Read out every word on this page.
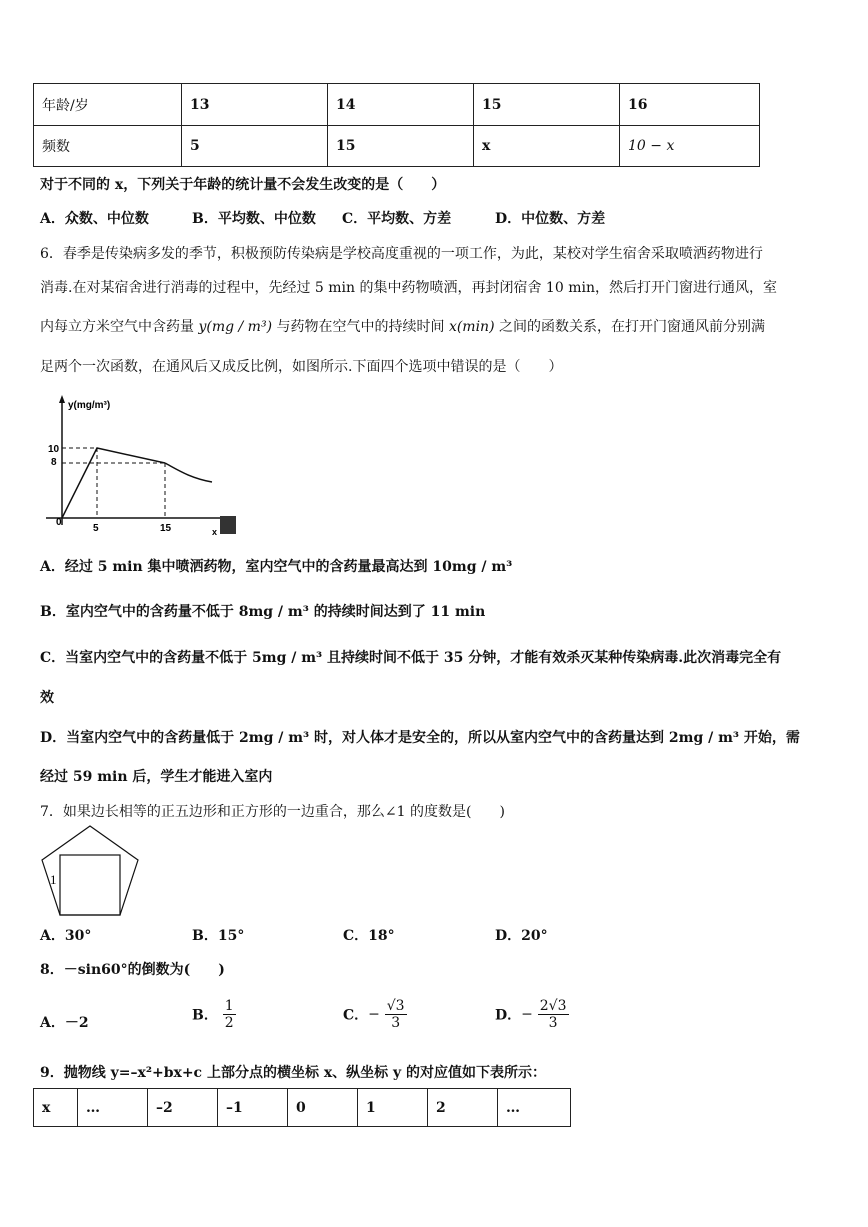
年龄/岁	13	14	15	16
频数	5	15	x	10 − x
对于不同的 x，下列关于年龄的统计量不会发生改变的是（　　）
A．众数、中位数	B．平均数、中位数 C．平均数、方差	D．中位数、方差
6．春季是传染病多发的季节，积极预防传染病是学校高度重视的一项工作，为此，某校对学生宿舍采取喷洒药物进行
消毒.在对某宿舍进行消毒的过程中，先经过 5 min 的集中药物喷洒，再封闭宿舍 10 min，然后打开门窗进行通风，室
内每立方米空气中含药量 y(mg / m³) 与药物在空气中的持续时间 x(min) 之间的函数关系，在打开门窗通风前分别满
足两个一次函数，在通风后又成反比例，如图所示.下面四个选项中错误的是（　　）
y(mg/m³)
10
8
0
5	15	x
A．经过 5 min 集中喷洒药物，室内空气中的含药量最高达到 10mg / m³
B．室内空气中的含药量不低于 8mg / m³ 的持续时间达到了 11 min
C．当室内空气中的含药量不低于 5mg / m³ 且持续时间不低于 35 分钟，才能有效杀灭某种传染病毒.此次消毒完全有
效
D．当室内空气中的含药量低于 2mg / m³ 时，对人体才是安全的，所以从室内空气中的含药量达到 2mg / m³ 开始，需
经过 59 min 后，学生才能进入室内
7．如果边长相等的正五边形和正方形的一边重合，那么∠1 的度数是(　　)
1
A．30°	B．15°	C．18°	D．20°
8．－sin60°的倒数为(　　)
A．－2	B． $\frac{1}{2}$	C．− $\frac{√3}{3}$	D．− $\frac{2√3}{3}$
9．抛物线 y=–x²+bx+c 上部分点的横坐标 x、纵坐标 y 的对应值如下表所示：
x	…	–2	–1	0	1	2	…
